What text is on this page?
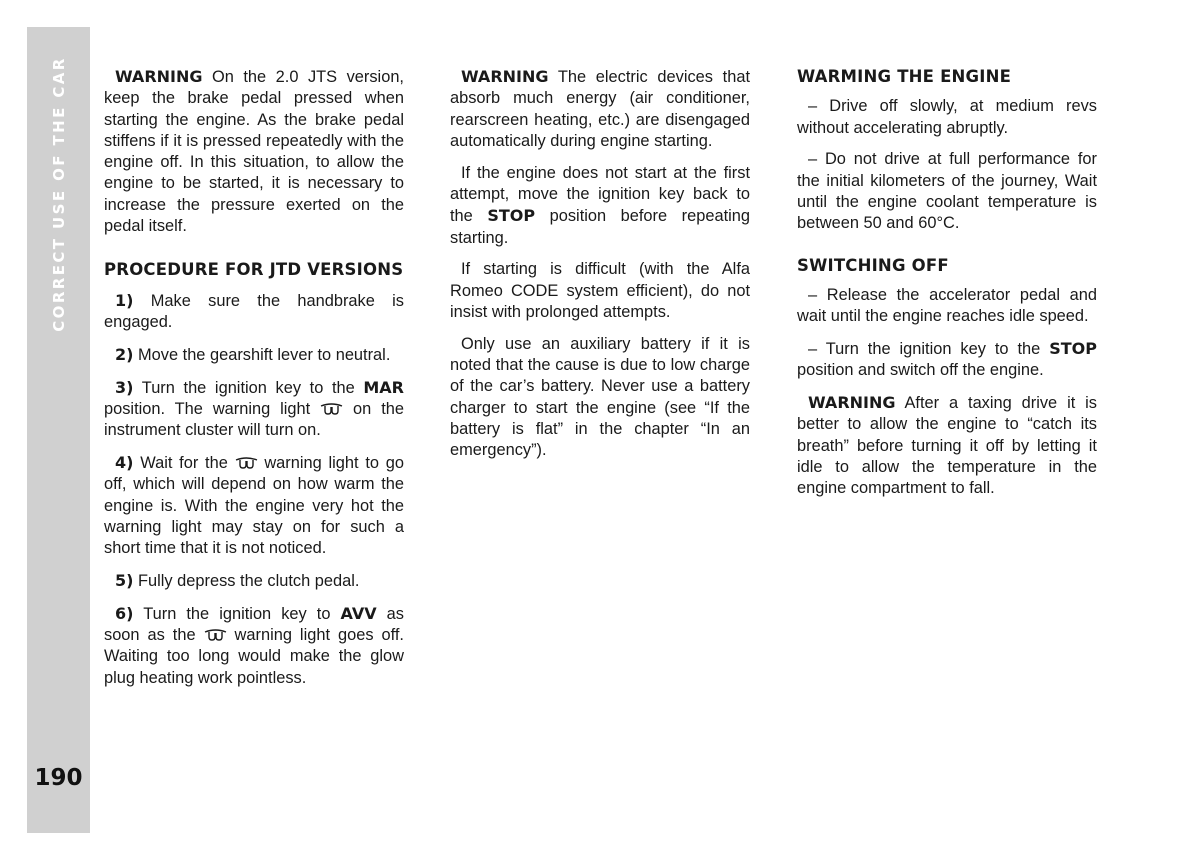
CORRECT USE OF THE CAR
190

WARNING On the 2.0 JTS version, keep the brake pedal pressed when starting the engine. As the brake pedal stiffens if it is pressed repeatedly with the engine off. In this situation, to allow the engine to be started, it is necessary to increase the pressure exerted on the pedal itself.

PROCEDURE FOR JTD VERSIONS

1) Make sure the handbrake is engaged.

2) Move the gearshift lever to neutral.

3) Turn the ignition key to the MAR position. The warning light  on the instrument cluster will turn on.

4) Wait for the  warning light to go off, which will depend on how warm the engine is. With the engine very hot the warning light may stay on for such a short time that it is not noticed.

5) Fully depress the clutch pedal.

6) Turn the ignition key to AVV as soon as the  warning light goes off. Waiting too long would make the glow plug heating work pointless.

WARNING The electric devices that absorb much energy (air conditioner, rearscreen heating, etc.) are disengaged automatically during engine starting.

If the engine does not start at the first attempt, move the ignition key back to the STOP position before repeating starting.

If starting is difficult (with the Alfa Romeo CODE system efficient), do not insist with prolonged attempts.

Only use an auxiliary battery if it is noted that the cause is due to low charge of the car’s battery. Never use a battery charger to start the engine (see “If the battery is flat” in the chapter “In an emergency”).

WARMING THE ENGINE

– Drive off slowly, at medium revs without accelerating abruptly.

– Do not drive at full performance for the initial kilometers of the journey, Wait until the engine coolant temperature is between 50 and 60°C.

SWITCHING OFF

– Release the accelerator pedal and wait until the engine reaches idle speed.

– Turn the ignition key to the STOP position and switch off the engine.

WARNING After a taxing drive it is better to allow the engine to “catch its breath” before turning it off by letting it idle to allow the temperature in the engine compartment to fall.
